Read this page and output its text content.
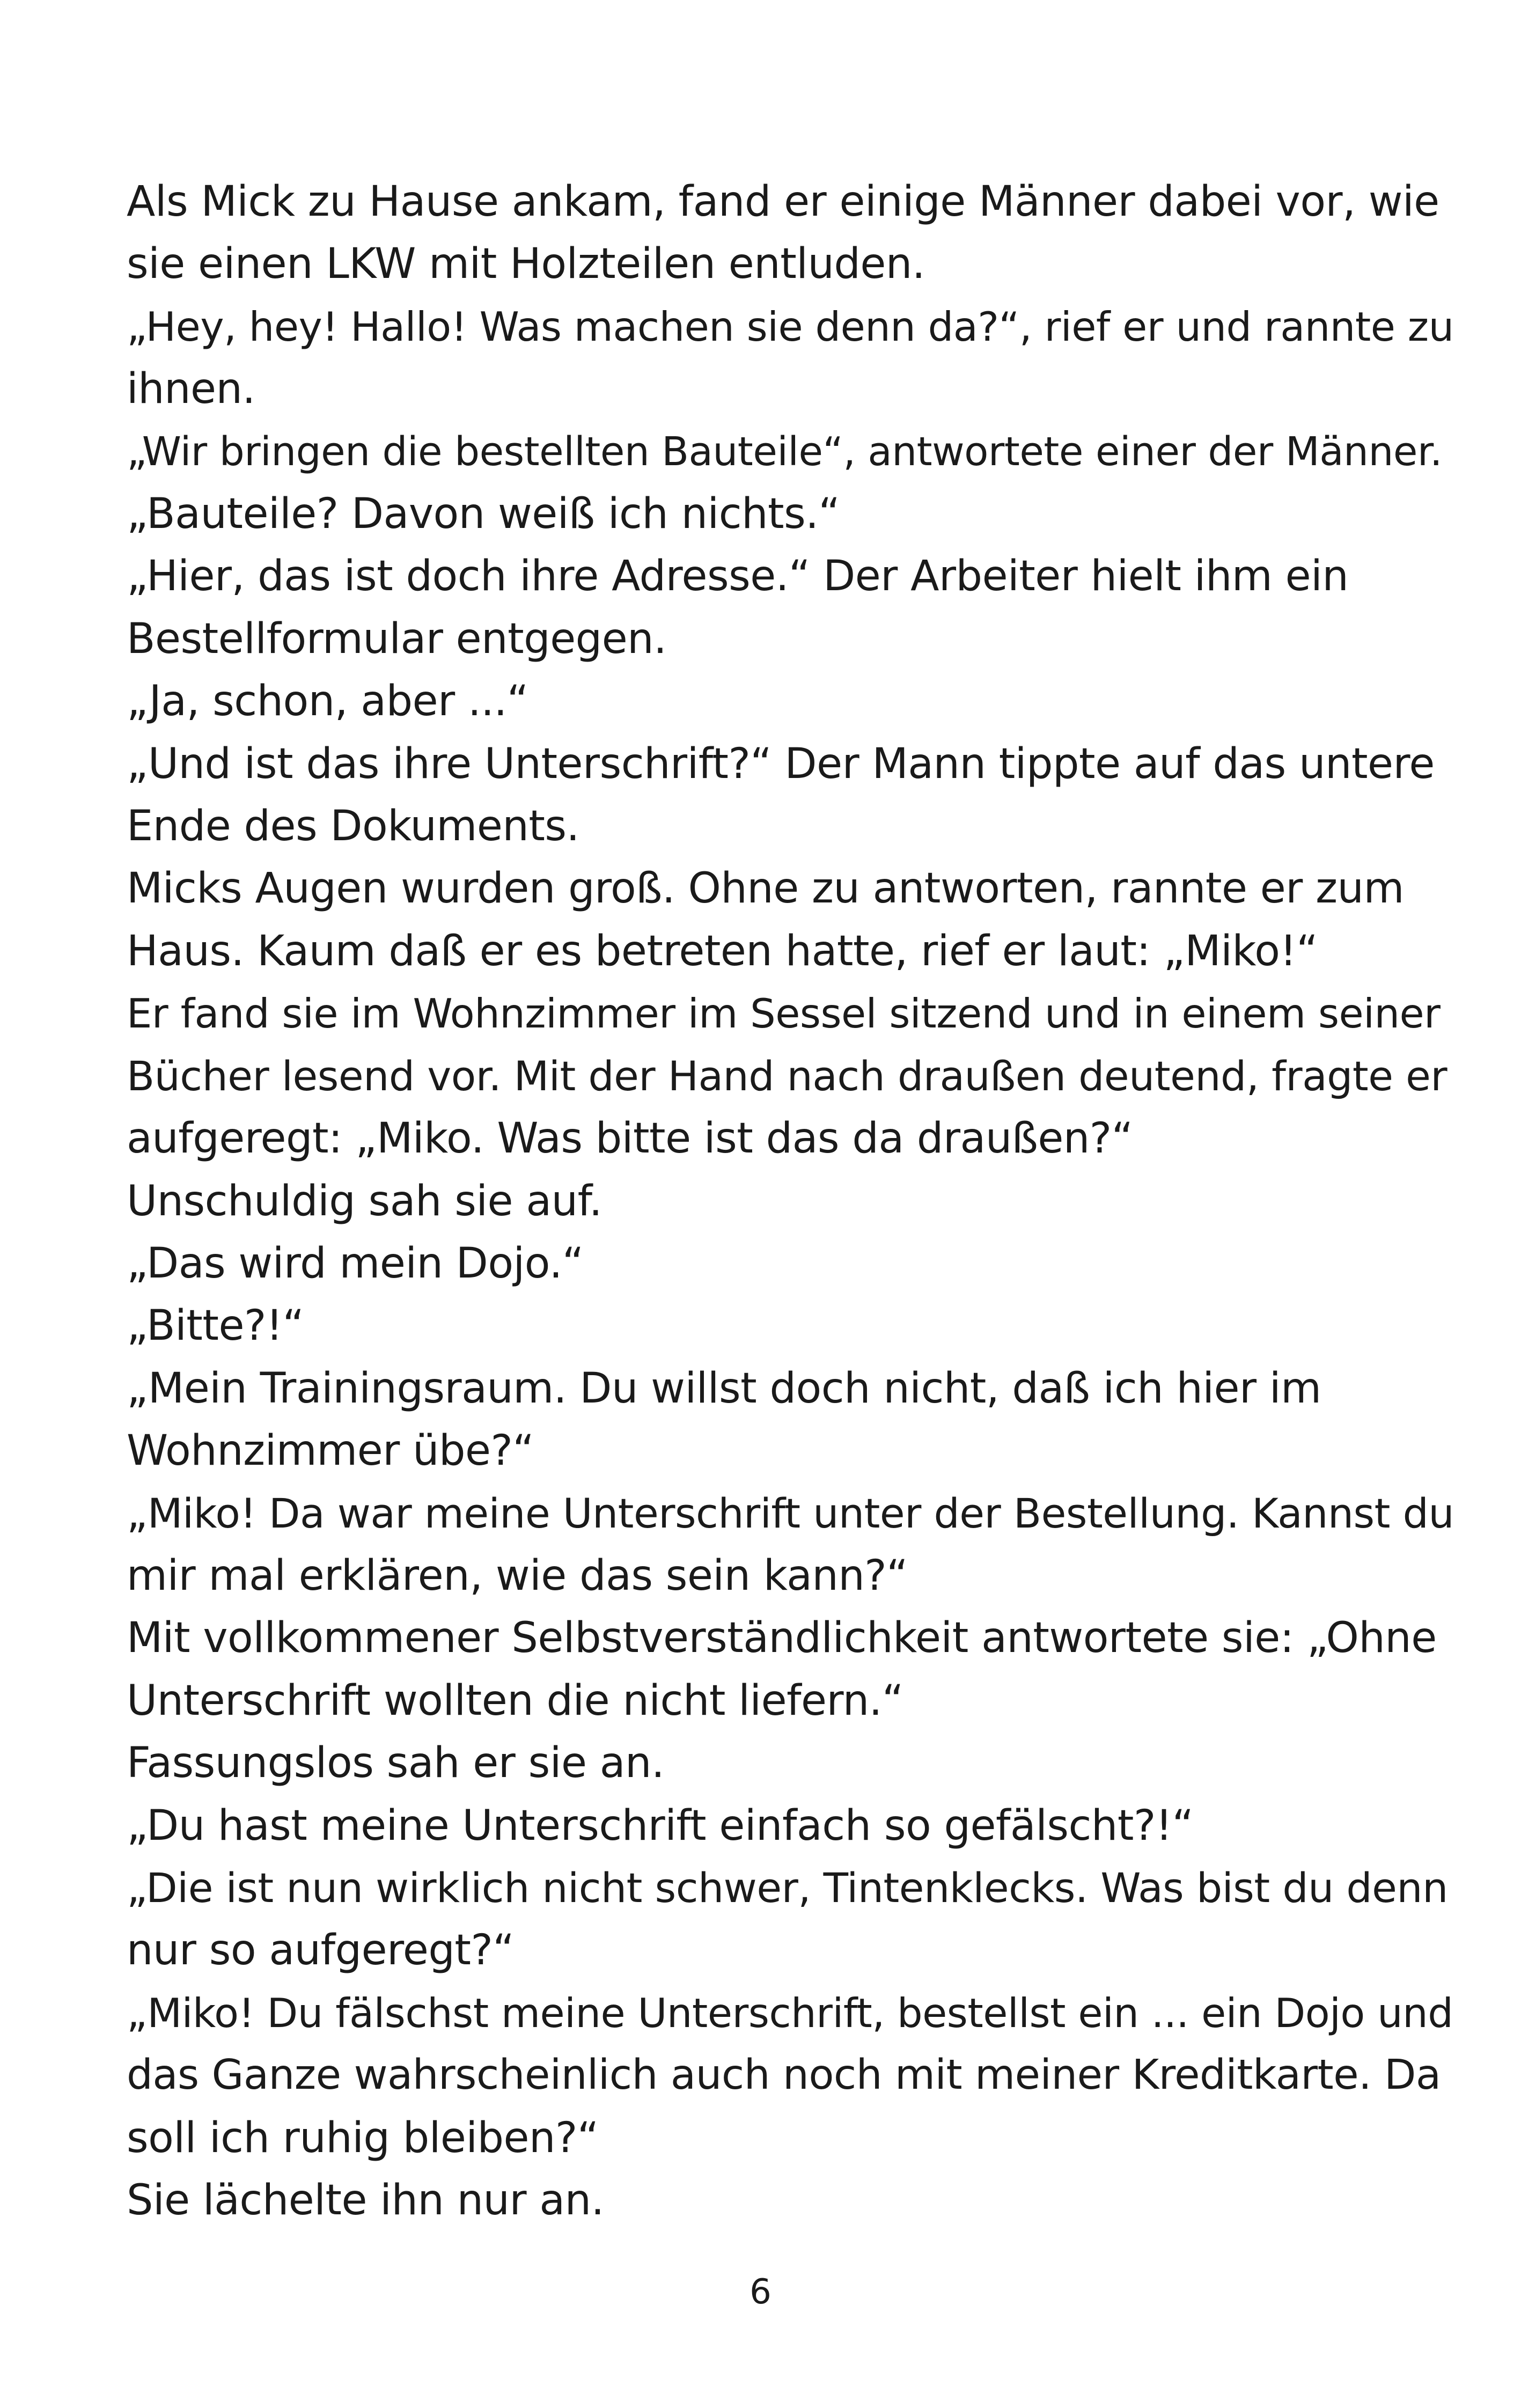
Als Mick zu Hause ankam, fand er einige Männer dabei vor, wie
sie einen LKW mit Holzteilen entluden.
„Hey, hey! Hallo! Was machen sie denn da?“, rief er und rannte zu
ihnen.
„Wir bringen die bestellten Bauteile“, antwortete einer der Männer.
„Bauteile? Davon weiß ich nichts.“
„Hier, das ist doch ihre Adresse.“ Der Arbeiter hielt ihm ein
Bestellformular entgegen.
„Ja, schon, aber ...“
„Und ist das ihre Unterschrift?“ Der Mann tippte auf das untere
Ende des Dokuments.
Micks Augen wurden groß. Ohne zu antworten, rannte er zum
Haus. Kaum daß er es betreten hatte, rief er laut: „Miko!“
Er fand sie im Wohnzimmer im Sessel sitzend und in einem seiner
Bücher lesend vor. Mit der Hand nach draußen deutend, fragte er
aufgeregt: „Miko. Was bitte ist das da draußen?“
Unschuldig sah sie auf.
„Das wird mein Dojo.“
„Bitte?!“
„Mein Trainingsraum. Du willst doch nicht, daß ich hier im
Wohnzimmer übe?“
„Miko! Da war meine Unterschrift unter der Bestellung. Kannst du
mir mal erklären, wie das sein kann?“
Mit vollkommener Selbstverständlichkeit antwortete sie: „Ohne
Unterschrift wollten die nicht liefern.“
Fassungslos sah er sie an.
„Du hast meine Unterschrift einfach so gefälscht?!“
„Die ist nun wirklich nicht schwer, Tintenklecks. Was bist du denn
nur so aufgeregt?“
„Miko! Du fälschst meine Unterschrift, bestellst ein ... ein Dojo und
das Ganze wahrscheinlich auch noch mit meiner Kreditkarte. Da
soll ich ruhig bleiben?“
Sie lächelte ihn nur an.
6
